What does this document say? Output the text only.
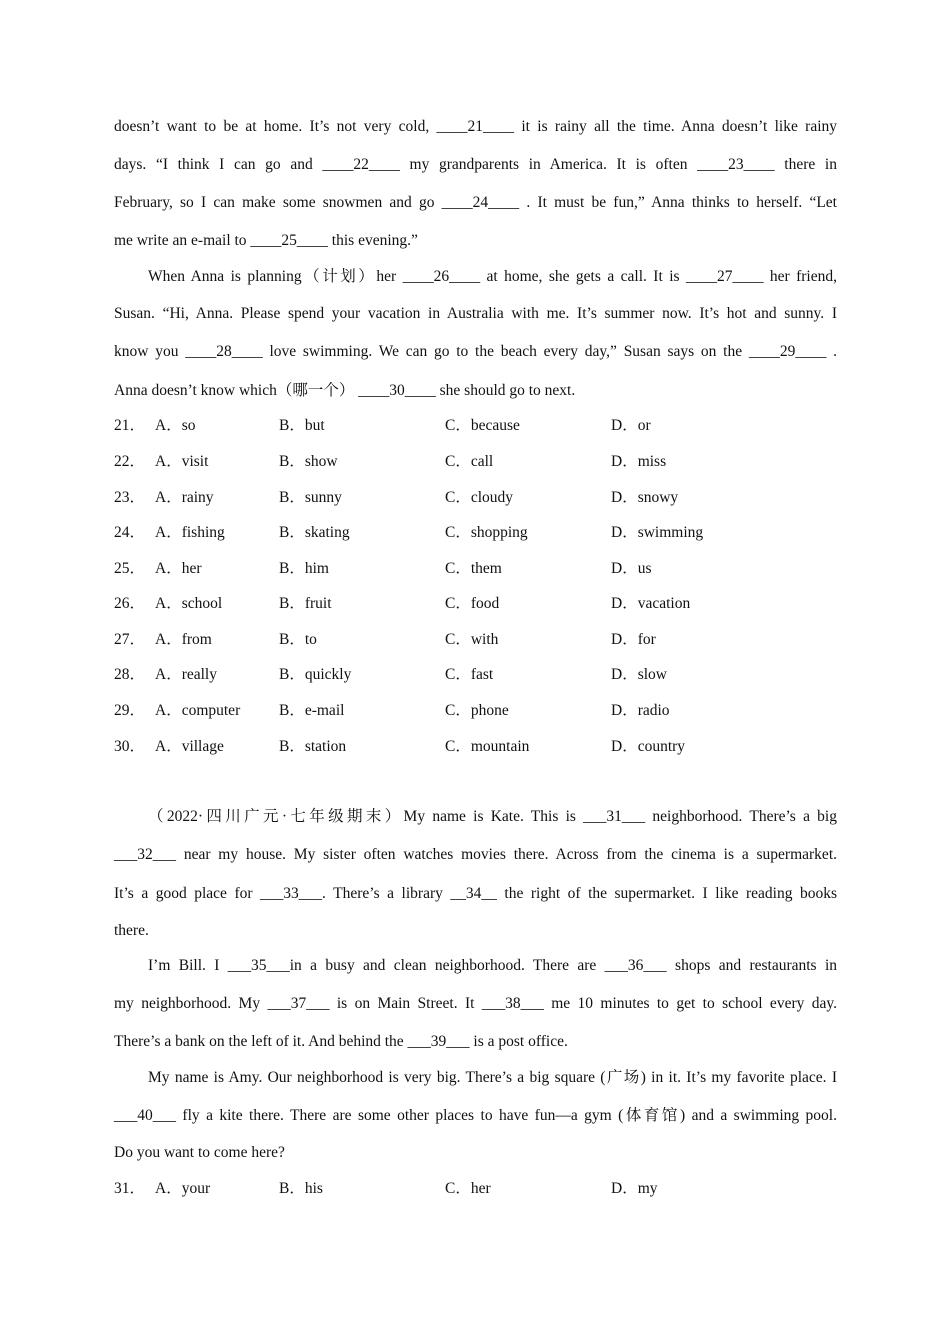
doesn’t want to be at home. It’s not very cold, ____21____ it is rainy all the time. Anna doesn’t like rainy
days. “I think I can go and ____22____ my grandparents in America. It is often ____23____ there in
February, so I can make some snowmen and go ____24____ . It must be fun,” Anna thinks to herself. “Let
me write an e-mail to ____25____ this evening.”
When Anna is planning（计划）her ____26____ at home, she gets a call. It is ____27____ her friend,
Susan. “Hi, Anna. Please spend your vacation in Australia with me. It’s summer now. It’s hot and sunny. I
know you ____28____ love swimming. We can go to the beach every day,” Susan says on the ____29____ .
Anna doesn’t know which（哪一个） ____30____ she should go to next.
21． A．so	B．but	C．because	D．or
22． A．visit	B．show	C．call	D．miss
23． A．rainy	B．sunny	C．cloudy	D．snowy
24． A．fishing	B．skating	C．shopping	D．swimming
25． A．her	B．him	C．them	D．us
26． A．school	B．fruit	C．food	D．vacation
27． A．from	B．to	C．with	D．for
28． A．really	B．quickly	C．fast	D．slow
29． A．computer	B．e-mail	C．phone	D．radio
30． A．village	B．station	C．mountain	D．country
（2022·四川广元·七年级期末）My name is Kate. This is ___31___ neighborhood. There’s a big
___32___ near my house. My sister often watches movies there. Across from the cinema is a supermarket.
It’s a good place for ___33___. There’s a library __34__ the right of the supermarket. I like reading books
there.
I’m Bill. I ___35___in a busy and clean neighborhood. There are ___36___ shops and restaurants in
my neighborhood. My ___37___ is on Main Street. It ___38___ me 10 minutes to get to school every day.
There’s a bank on the left of it. And behind the ___39___ is a post office.
My name is Amy. Our neighborhood is very big. There’s a big square (广场) in it. It’s my favorite place. I
___40___ fly a kite there. There are some other places to have fun—a gym (体育馆) and a swimming pool.
Do you want to come here?
31． A．your	B．his	C．her	D．my
